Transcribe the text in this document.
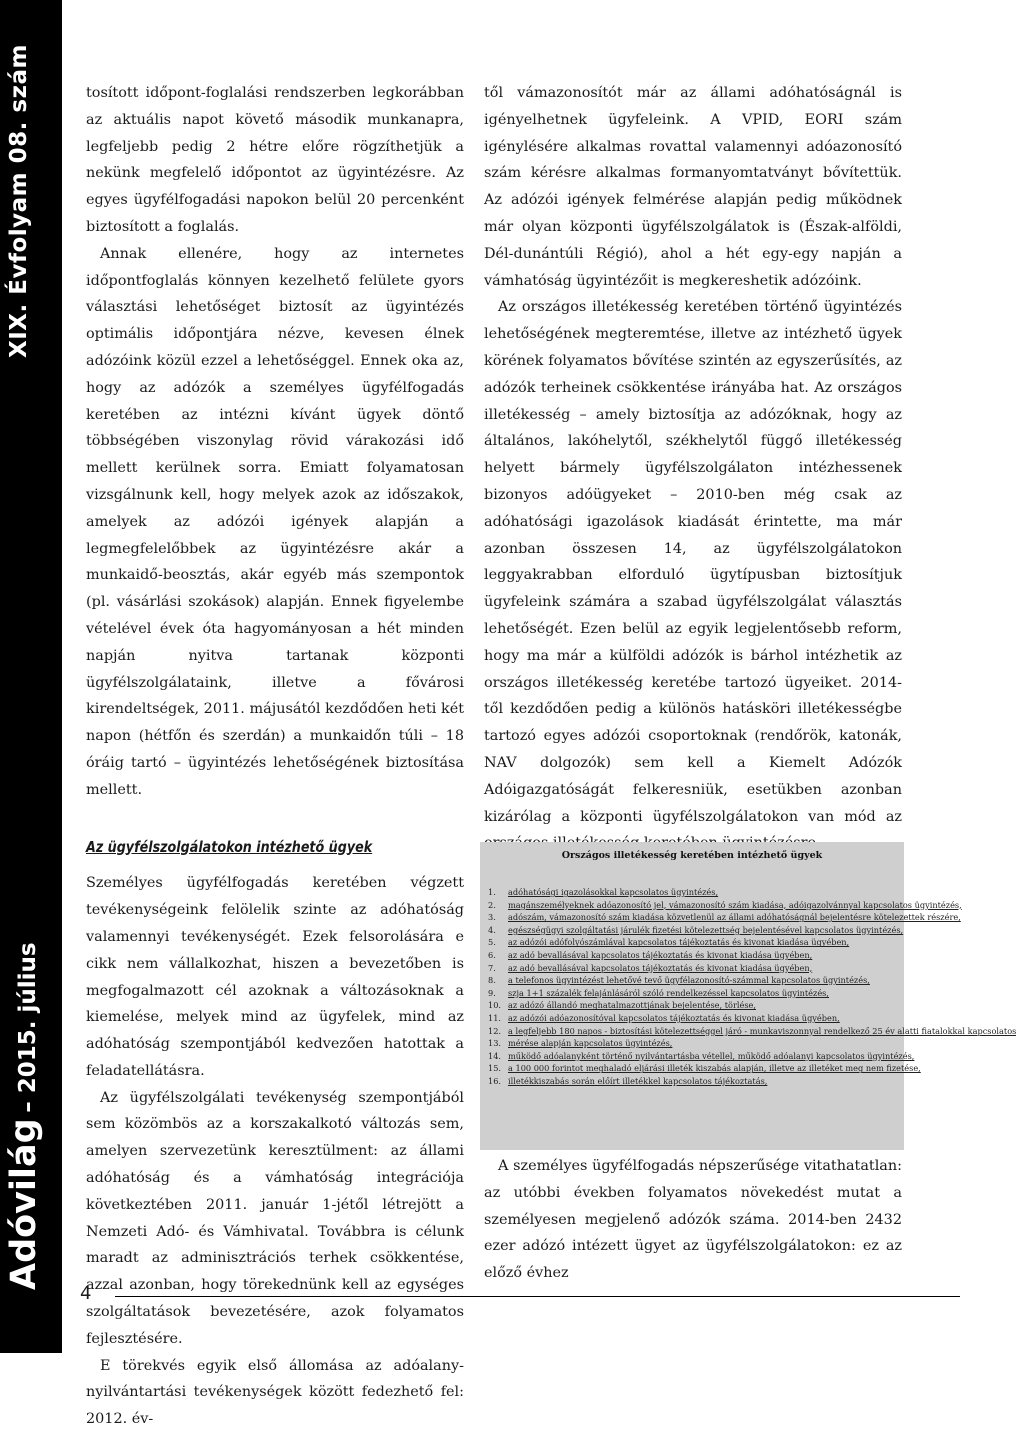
XIX. Évfolyam 08. szám
Adóvilág – 2015. július

tosított időpont-foglalási rendszerben legkorábban az aktuális napot követő második munkanapra, legfeljebb pedig 2 hétre előre rögzíthetjük a nekünk megfelelő időpontot az ügyintézésre. Az egyes ügyfélfogadási napokon belül 20 percenként biztosított a foglalás.

Annak ellenére, hogy az internetes időpontfoglalás könnyen kezelhető felülete gyors választási lehetőséget biztosít az ügyintézés optimális időpontjára nézve, kevesen élnek adózóink közül ezzel a lehetőséggel. Ennek oka az, hogy az adózók a személyes ügyfélfogadás keretében az intézni kívánt ügyek döntő többségében viszonylag rövid várakozási idő mellett kerülnek sorra. Emiatt folyamatosan vizsgálnunk kell, hogy melyek azok az időszakok, amelyek az adózói igények alapján a legmegfelelőbbek az ügyintézésre akár a munkaidő-beosztás, akár egyéb más szempontok (pl. vásárlási szokások) alapján. Ennek figyelembe vételével évek óta hagyományosan a hét minden napján nyitva tartanak központi ügyfélszolgálataink, illetve a fővárosi kirendeltségek, 2011. májusától kezdődően heti két napon (hétfőn és szerdán) a munkaidőn túli – 18 óráig tartó – ügyintézés lehetőségének biztosítása mellett.

Az ügyfélszolgálatokon intézhető ügyek

Személyes ügyfélfogadás keretében végzett tevékenységeink felölelik szinte az adóhatóság valamennyi tevékenységét. Ezek felsorolására e cikk nem vállalkozhat, hiszen a bevezetőben is megfogalmazott cél azoknak a változásoknak a kiemelése, melyek mind az ügyfelek, mind az adóhatóság szempontjából kedvezően hatottak a feladatellátásra.

Az ügyfélszolgálati tevékenység szempontjából sem közömbös az a korszakalkotó változás sem, amelyen szervezetünk keresztülment: az állami adóhatóság és a vámhatóság integrációja következtében 2011. január 1-jétől létrejött a Nemzeti Adó- és Vámhivatal. Továbbra is célunk maradt az adminisztrációs terhek csökkentése, azzal azonban, hogy törekednünk kell az egységes szolgáltatások bevezetésére, azok folyamatos fejlesztésére.

E törekvés egyik első állomása az adóalany-nyilvántartási tevékenységek között fedezhető fel: 2012. év-

től vámazonosítót már az állami adóhatóságnál is igényelhetnek ügyfeleink. A VPID, EORI szám igénylésére alkalmas rovattal valamennyi adóazonosító szám kérésre alkalmas formanyomtatványt bővítettük. Az adózói igények felmérése alapján pedig működnek már olyan központi ügyfélszolgálatok is (Észak-alföldi, Dél-dunántúli Régió), ahol a hét egy-egy napján a vámhatóság ügyintézőit is megkereshetik adózóink.

Az országos illetékesség keretében történő ügyintézés lehetőségének megteremtése, illetve az intézhető ügyek körének folyamatos bővítése szintén az egyszerűsítés, az adózók terheinek csökkentése irányába hat. Az országos illetékesség – amely biztosítja az adózóknak, hogy az általános, lakóhelytől, székhelytől függő illetékesség helyett bármely ügyfélszolgálaton intézhessenek bizonyos adóügyeket – 2010-ben még csak az adóhatósági igazolások kiadását érintette, ma már azonban összesen 14, az ügyfélszolgálatokon leggyakrabban elforduló ügytípusban biztosítjuk ügyfeleink számára a szabad ügyfélszolgálat választás lehetőségét. Ezen belül az egyik legjelentősebb reform, hogy ma már a külföldi adózók is bárhol intézhetik az országos illetékesség keretébe tartozó ügyeiket. 2014-től kezdődően pedig a különös hatásköri illetékességbe tartozó egyes adózói csoportoknak (rendőrök, katonák, NAV dolgozók) sem kell a Kiemelt Adózók Adóigazgatóságát felkeresniük, esetükben azonban kizárólag a központi ügyfélszolgálatokon van mód az

Országos illetékesség keretében intézhető ügyek
1.	adóhatósági igazolásokkal kapcsolatos ügyintézés,
2.	magánszemélyeknek adóazonosító jel, vámazonosító szám kiadása, adóigazolvánnyal kapcsolatos ügyintézés,
3.	adószám, vámazonosító szám kiadása közvetlenül az állami adóhatóságnál bejelentésre kötelezettek részére,
4.	egészségügyi szolgáltatási járulék fizetési kötelezettség bejelentésével kapcsolatos ügyintézés,
5.	az adózói adófolyószámlával kapcsolatos tájékoztatás és kivonat kiadása ügyében,
6.	az adó bevallásával kapcsolatos tájékoztatás és kivonat kiadása ügyében,
7.	az adó bevallásával kapcsolatos tájékoztatás és kivonat kiadása ügyében,
8.	a telefonos ügyintézést lehetővé tevő ügyfélazonosító-számmal kapcsolatos ügyintézés,
9.	szja 1+1 százalék felajánlásáról szóló rendelkezéssel kapcsolatos ügyintézés,
10. az adózó állandó meghatalmazottjának bejelentése, törlése,
11. az adózói adóazonosítóval kapcsolatos tájékoztatás és kivonat kiadása ügyében,
12. a legfeljebb 180 napos - biztosítási kötelezettséggel járó - munkaviszonnyal rendelkező 25 év alatti fiatalokkal kapcsolatos
13. mérése alapján kapcsolatos ügyintézés,
14. működő adóalanyként történő nyilvántartásba vétellel, működő adóalanyi kapcsolatos ügyintézés,
15. a 100 000 forintot meghaladó eljárási illeték kiszabás alapján, illetve az illetéket meg nem fizetése,
16. illetékkiszabás során előírt illetékkel kapcsolatos tájékoztatás,

A személyes ügyfélfogadás népszerűsége vitathatatlan: az utóbbi években folyamatos növekedést mutat a személyesen megjelenő adózók száma. 2014-ben 2432 ezer adózó intézett ügyet az ügyfélszolgálatokon: ez az előző évhez

4
